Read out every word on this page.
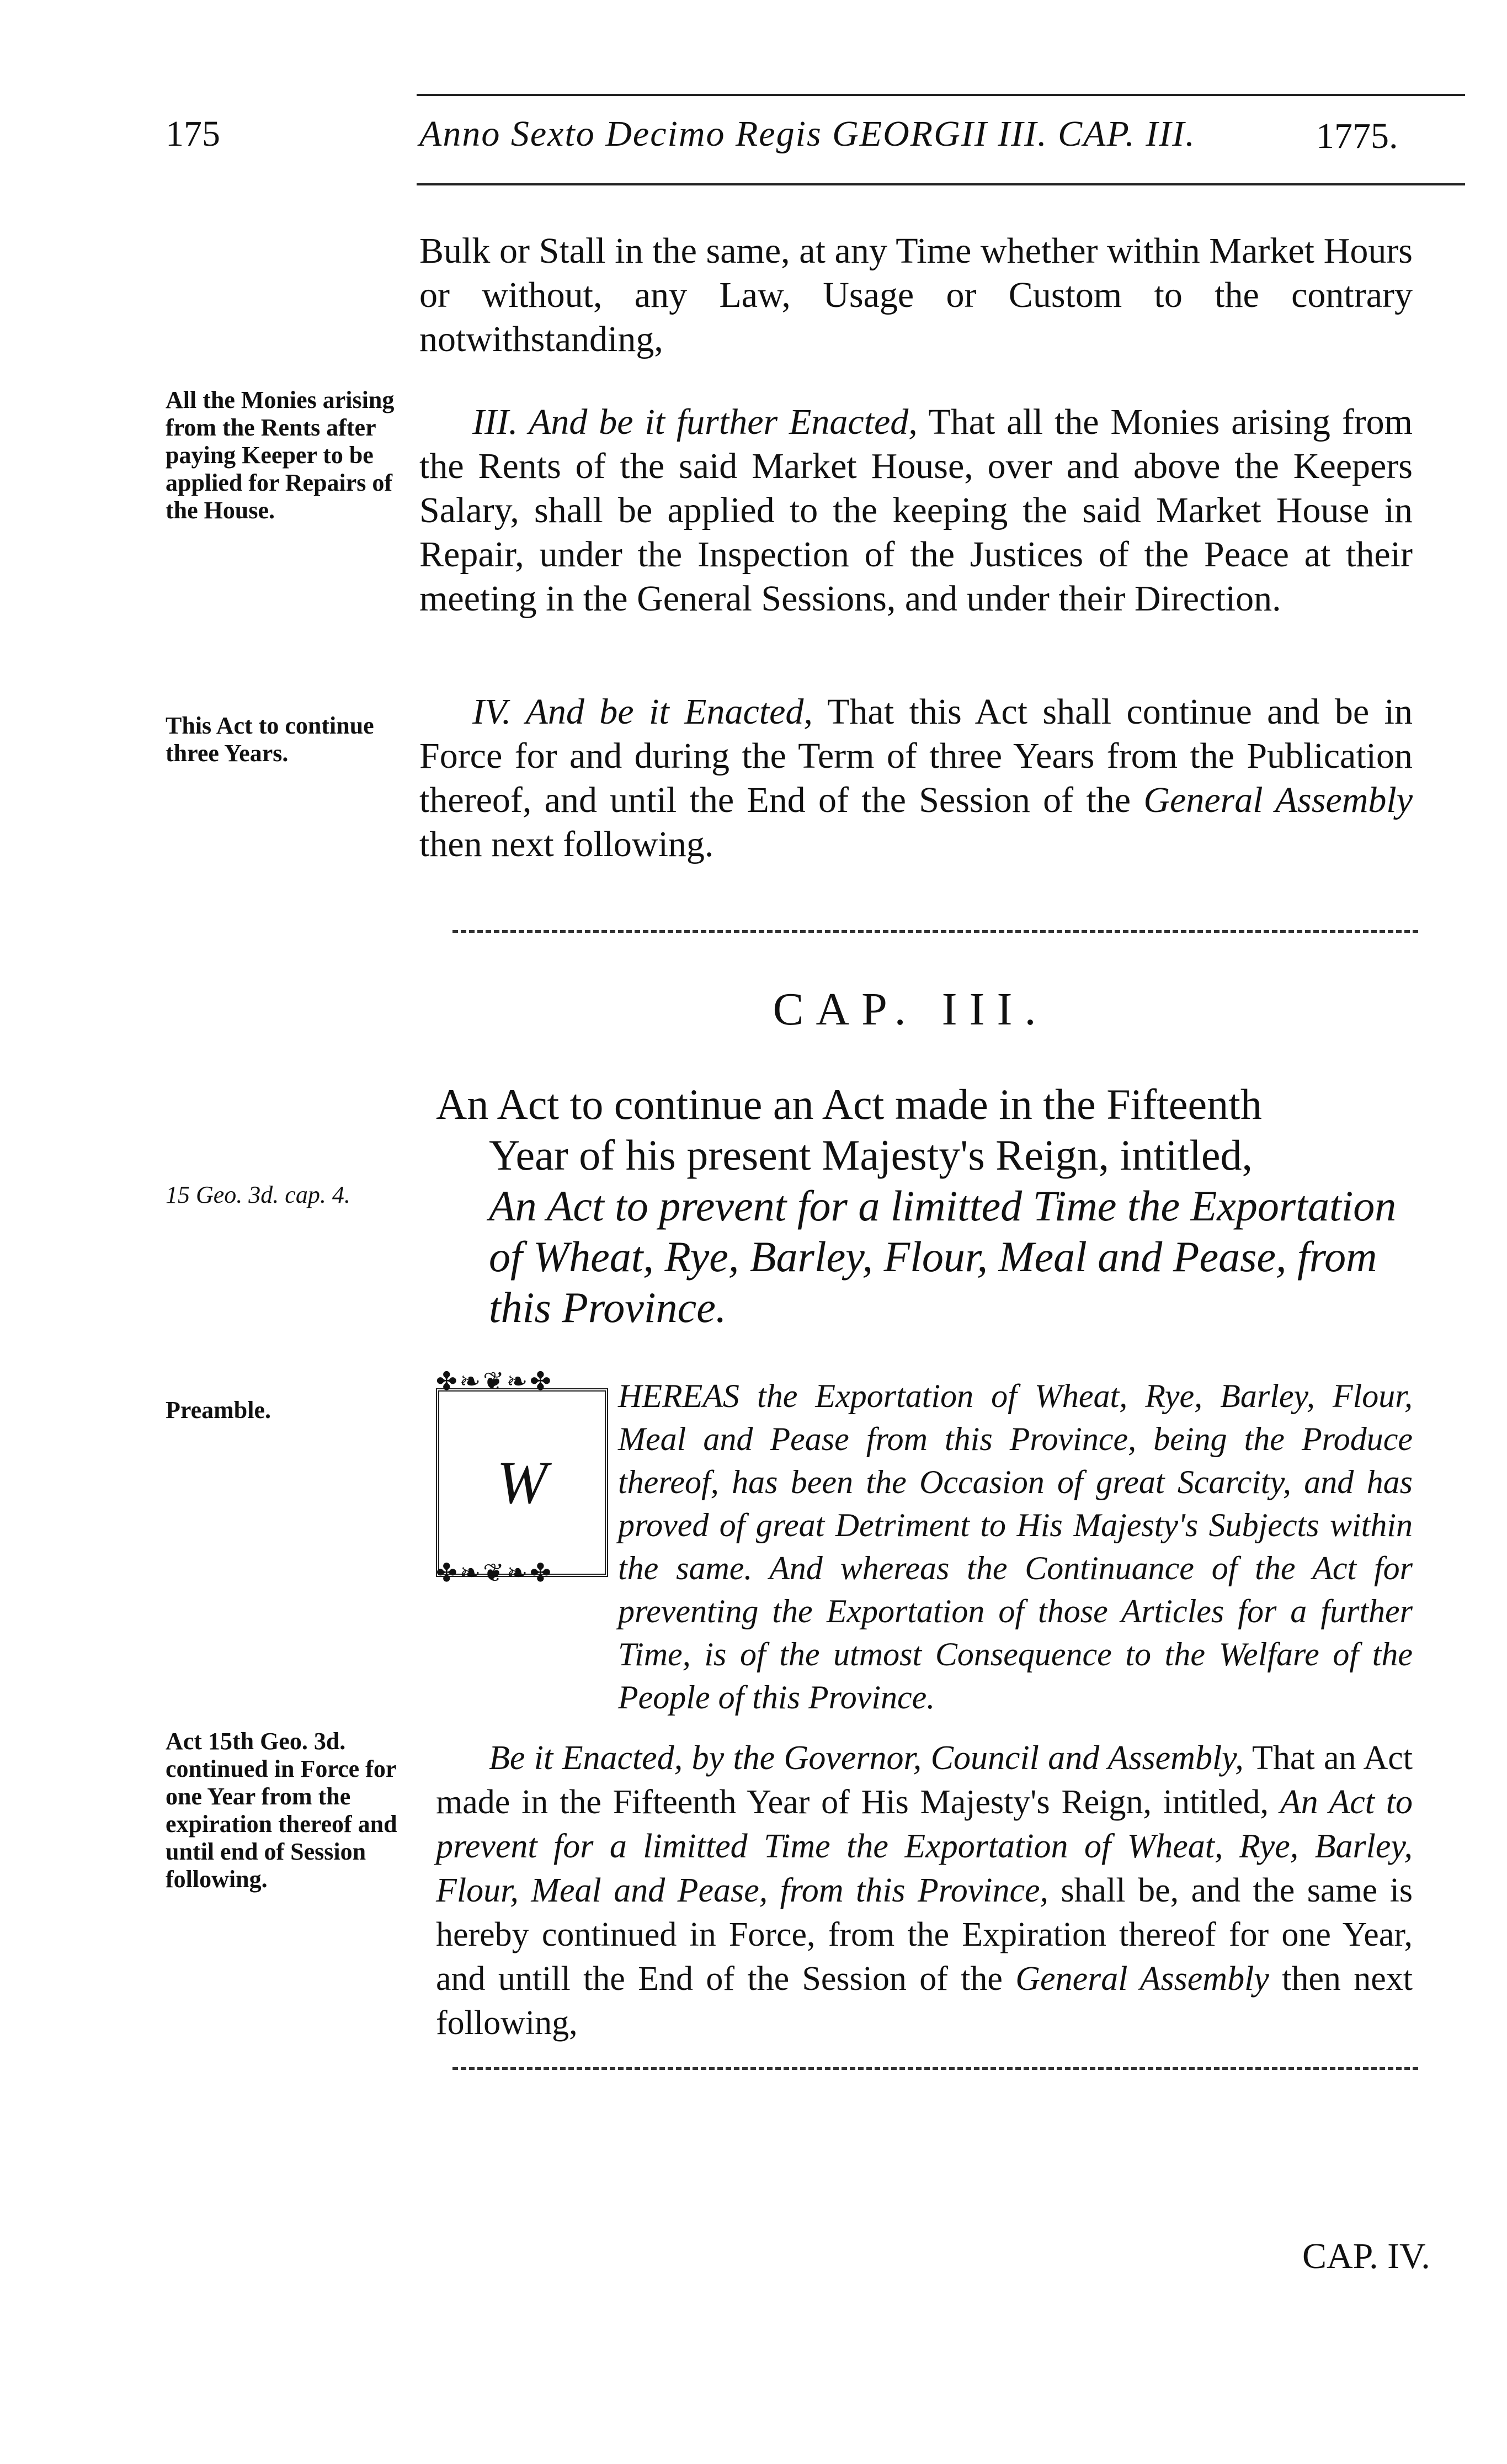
175	Anno Sexto Decimo Regis GEORGII III. CAP. III.	1775.
Bulk or Stall in the same, at any Time whether within Market Hours or without, any Law, Usage or Custom to the contrary notwithstanding,
All the Monies arising from the Rents after paying Keeper to be applied for Repairs of the House.
III. And be it further Enacted, That all the Monies arising from the Rents of the said Market House, over and above the Keepers Salary, shall be applied to the keeping the said Market House in Repair, under the Inspection of the Justices of the Peace at their meeting in the General Sessions, and under their Direction.
This Act to continue three Years.
IV. And be it Enacted, That this Act shall continue and be in Force for and during the Term of three Years from the Publication thereof, and until the End of the Session of the General Assembly then next following.
CAP. III.
An Act to continue an Act made in the Fifteenth
Year of his present Majesty's Reign, intitled,
An Act to prevent for a limitted Time the Exportation of Wheat, Rye, Barley, Flour, Meal and Pease, from this Province.
15 Geo. 3d. cap. 4.
Preamble.
W
✤❧❦❧✤
✤❧❦❧✤
HEREAS the Exportation of Wheat, Rye, Barley, Flour, Meal and Pease from this Province, being the Produce thereof, has been the Occasion of great Scarcity, and has proved of great Detriment to His Majesty's Subjects within the same. And whereas the Continuance of the Act for preventing the Exportation of those Articles for a further Time, is of the utmost Consequence to the Welfare of the People of this Province.
Act 15th Geo. 3d. continued in Force for one Year from the expiration thereof and until end of Session following.
Be it Enacted, by the Governor, Council and Assembly, That an Act made in the Fifteenth Year of His Majesty's Reign, intitled, An Act to prevent for a limitted Time the Exportation of Wheat, Rye, Barley, Flour, Meal and Pease, from this Province, shall be, and the same is hereby continued in Force, from the Expiration thereof for one Year, and untill the End of the Session of the General Assembly then next following,
CAP. IV.
